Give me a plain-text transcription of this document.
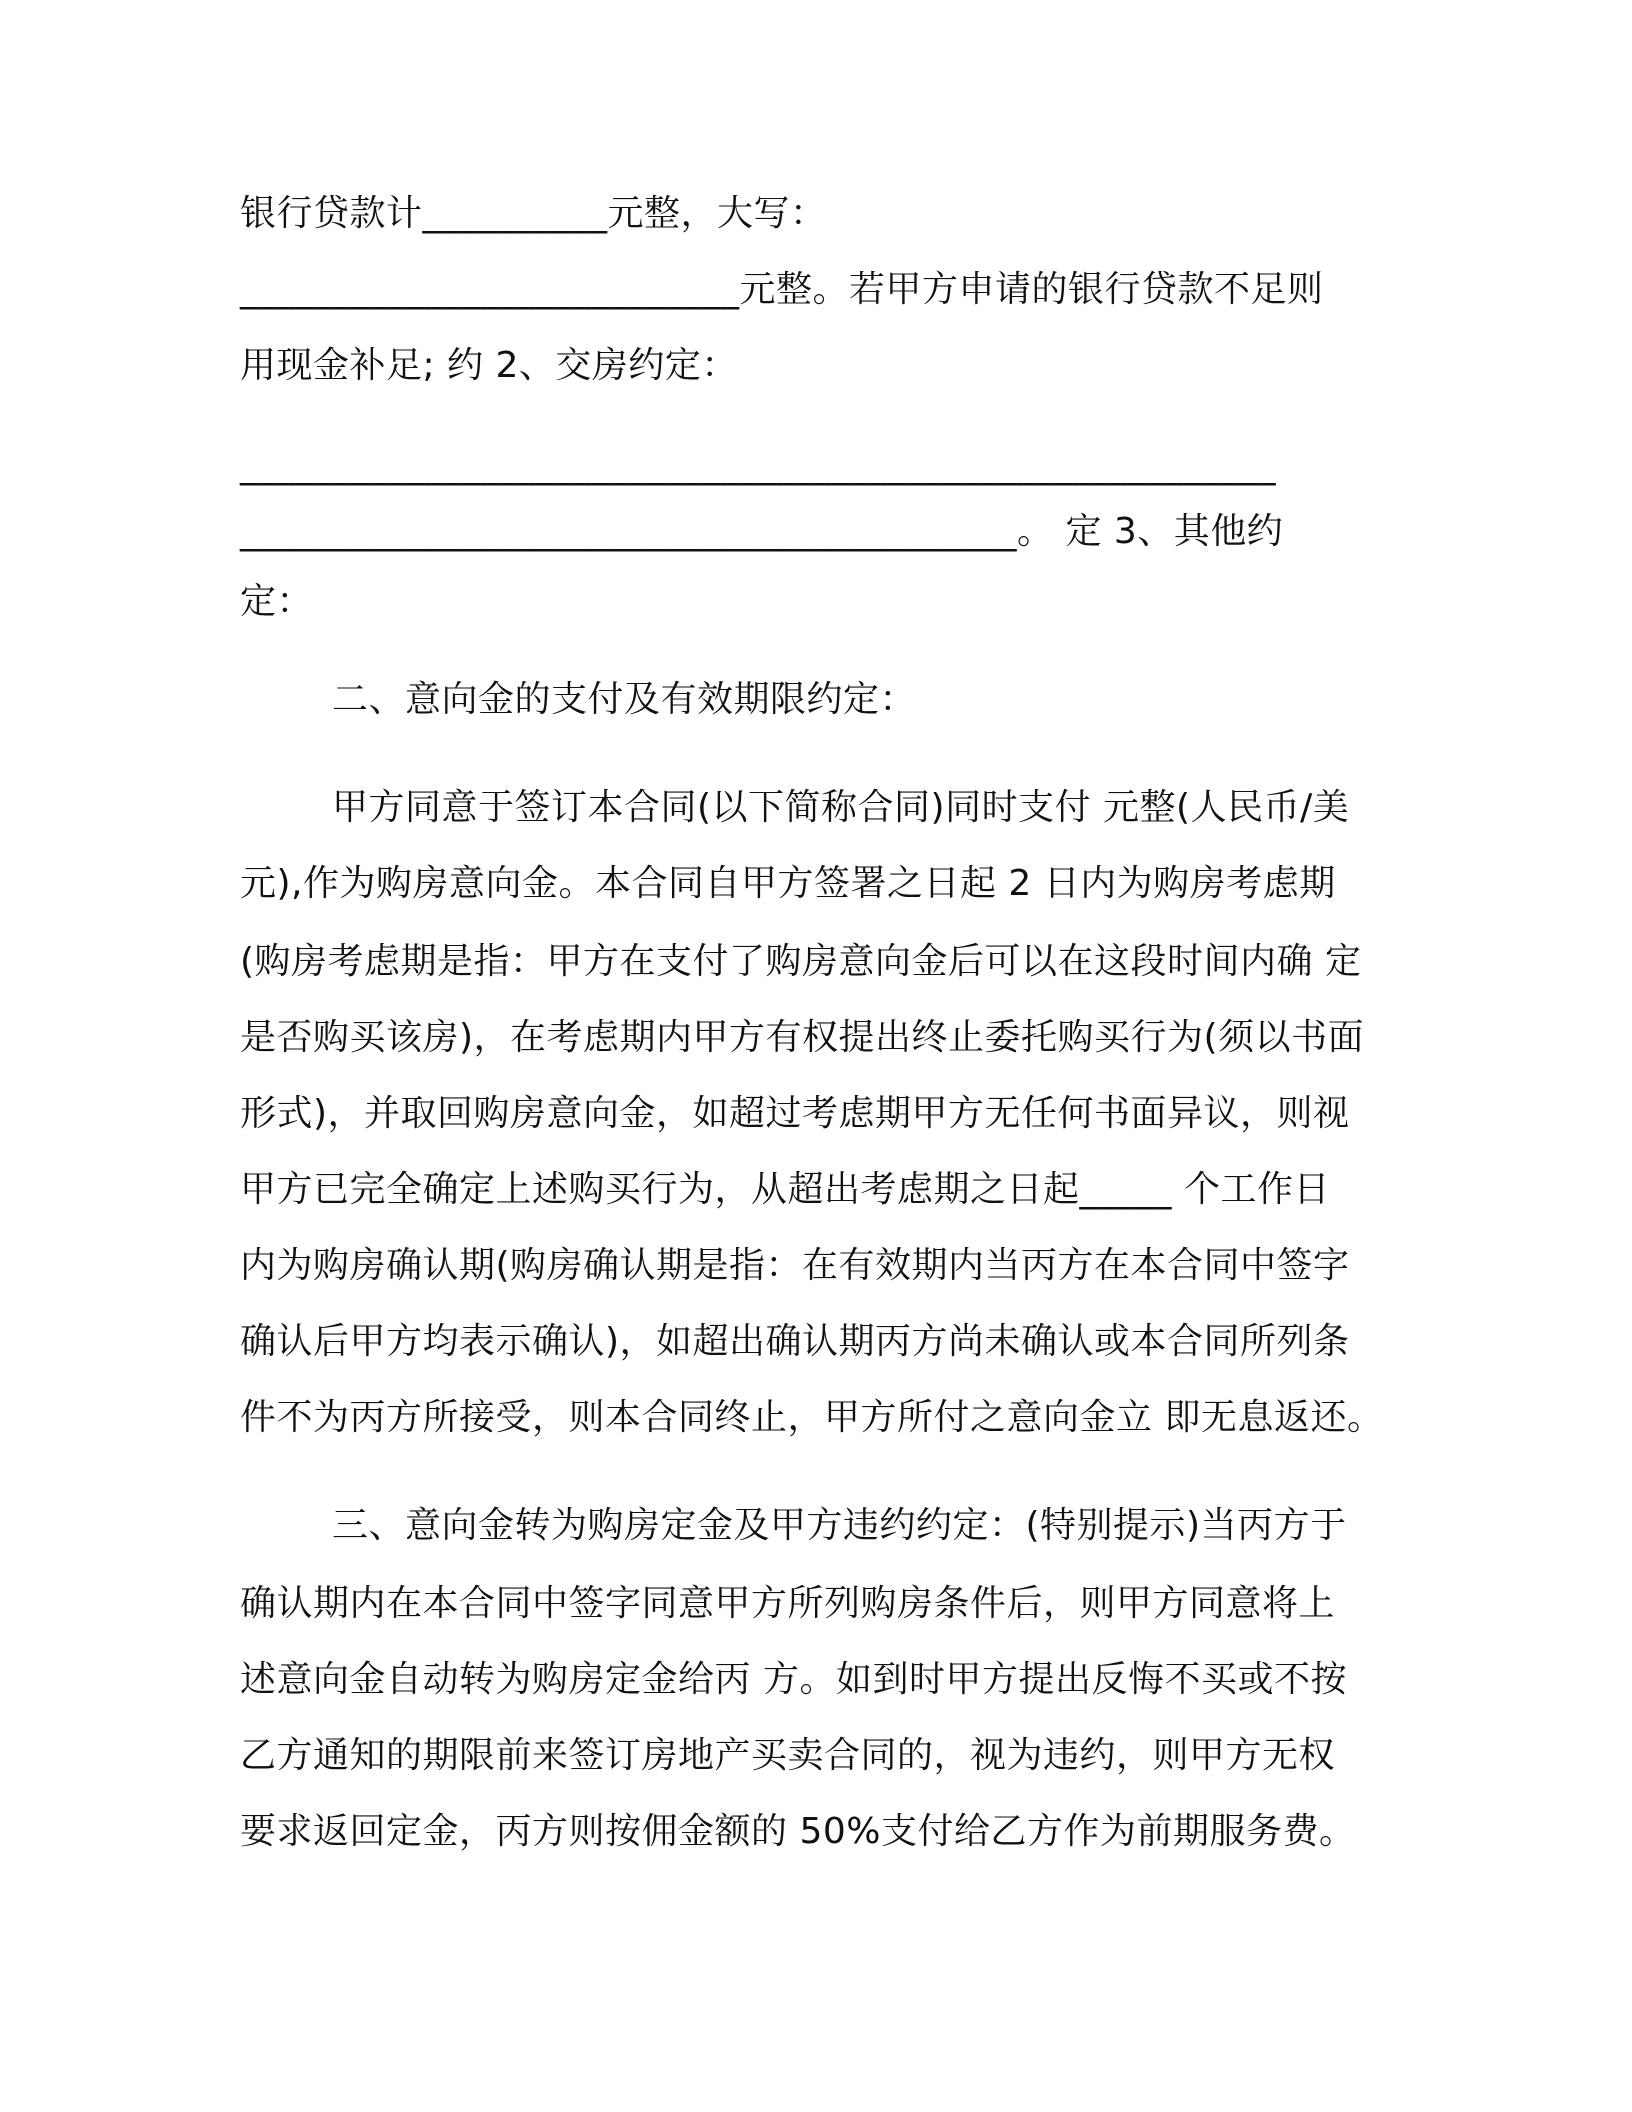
银行贷款计__________元整，大写：
___________________________元整。若甲方申请的银行贷款不足则
用现金补足; 约 2、交房约定：
________________________________________________________
__________________________________________。 定 3、其他约
定：
二、意向金的支付及有效期限约定：
甲方同意于签订本合同(以下简称合同)同时支付 元整(人民币/美
元),作为购房意向金。本合同自甲方签署之日起 2 日内为购房考虑期
(购房考虑期是指：甲方在支付了购房意向金后可以在这段时间内确 定
是否购买该房)，在考虑期内甲方有权提出终止委托购买行为(须以书面
形式)，并取回购房意向金，如超过考虑期甲方无任何书面异议，则视
甲方已完全确定上述购买行为，从超出考虑期之日起_____ 个工作日
内为购房确认期(购房确认期是指：在有效期内当丙方在本合同中签字
确认后甲方均表示确认)，如超出确认期丙方尚未确认或本合同所列条
件不为丙方所接受，则本合同终止，甲方所付之意向金立 即无息返还。
三、意向金转为购房定金及甲方违约约定：(特别提示)当丙方于
确认期内在本合同中签字同意甲方所列购房条件后，则甲方同意将上
述意向金自动转为购房定金给丙 方。如到时甲方提出反悔不买或不按
乙方通知的期限前来签订房地产买卖合同的，视为违约，则甲方无权
要求返回定金，丙方则按佣金额的 50%支付给乙方作为前期服务费。
